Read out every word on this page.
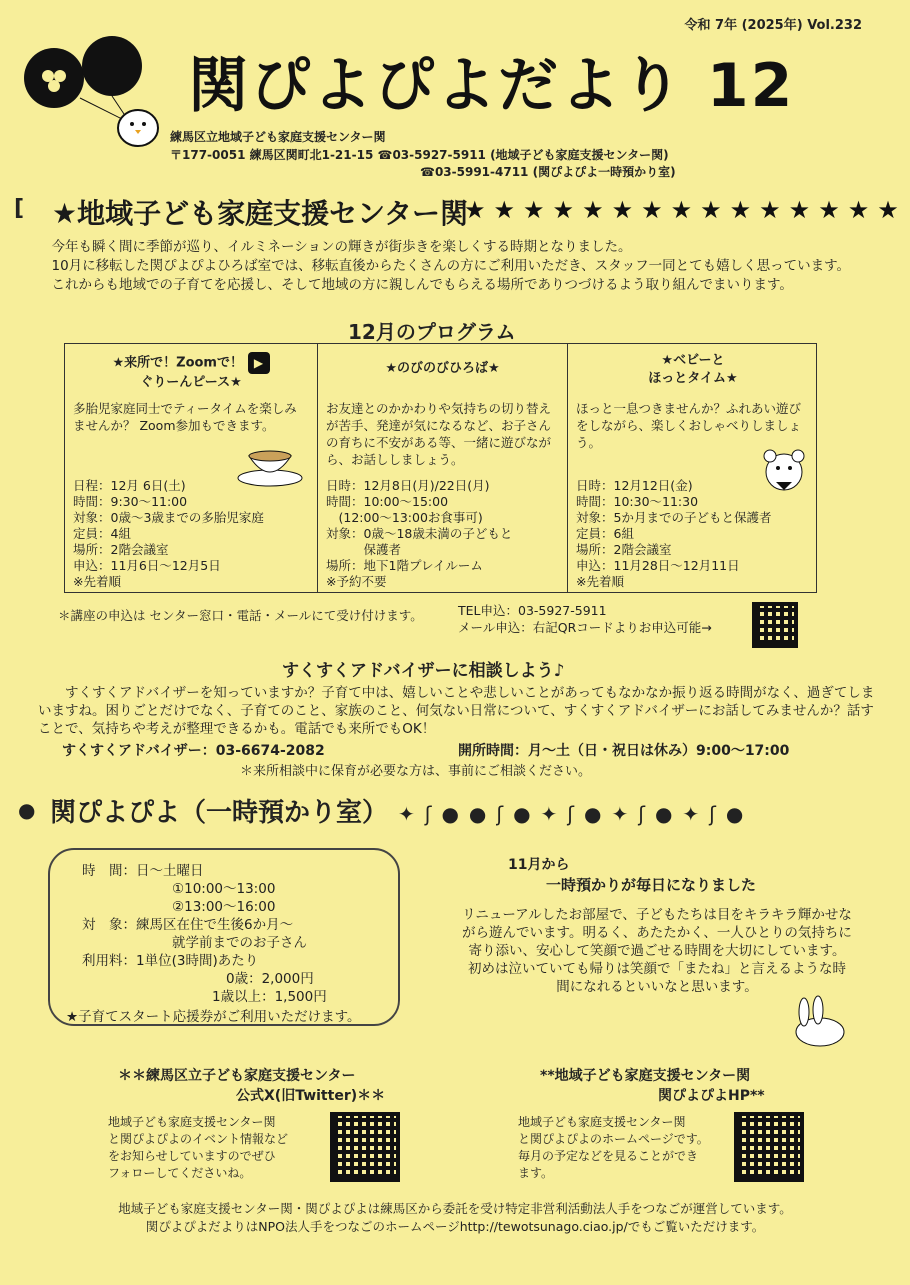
令和 7年 (2025年) Vol.232
関ぴよぴよだより 12
練馬区立地域子ども家庭支援センター関
〒177-0051 練馬区関町北1-21-15 ☎03-5927-5911 (地域子ども家庭支援センター関)
☎03-5991-4711 (関ぴよぴよ一時預かり室)
[ ★地域子ども家庭支援センター関
★★★★★★★★★★★★★★★

今年も瞬く間に季節が巡り、イルミネーションの輝きが街歩きを楽しくする時期となりました。

10月に移転した関ぴよぴよひろば室では、移転直後からたくさんの方にご利用いただき、スタッフ一同とても嬉しく思っています。

これからも地域での子育てを応援し、そして地域の方に親しんでもらえる場所でありつづけるよう取り組んでまいります。

12月のプログラム
★来所で！Zoomで！ ▶
ぐりーんピース★
多胎児家庭同士でティータイムを楽しみませんか？ Zoom参加もできます。
日程：12月 6日(土)
時間：9:30～11:00
対象：0歳～3歳までの多胎児家庭
定員：4組
場所：2階会議室
申込：11月6日～12月5日
※先着順
★のびのびひろば★
お友達とのかかわりや気持ちの切り替えが苦手、発達が気になるなど、お子さんの育ちに不安がある等、一緒に遊びながら、お話ししましょう。
日時：12月8日(月)/22日(月)
時間：10:00～15:00
　(12:00～13:00お食事可)
対象：0歳～18歳未満の子どもと
　　　保護者
場所：地下1階プレイルーム
※予約不要
★ベビーと
ほっとタイム★
ほっと一息つきませんか？ふれあい遊びをしながら、楽しくおしゃべりしましょう。
日時：12月12日(金)
時間：10:30～11:30
対象：5か月までの子どもと保護者
定員：6組
場所：2階会議室
申込：11月28日～12月11日
※先着順
＊講座の申込は センター窓口・電話・メールにて受け付けます。	TEL申込：03-5927-5911
メール申込：右記QRコードよりお申込可能→
すくすくアドバイザーに相談しよう♪
すくすくアドバイザーを知っていますか？子育て中は、嬉しいことや悲しいことがあってもなかなか振り返る時間がなく、過ぎてしまいますね。困りごとだけでなく、子育てのこと、家族のこと、何気ない日常について、すくすくアドバイザーにお話してみませんか？話すことで、気持ちや考えが整理できるかも。電話でも来所でもOK！
すくすくアドバイザー：03-6674-2082	開所時間：月～土（日・祝日は休み）9:00～17:00
＊来所相談中に保育が必要な方は、事前にご相談ください。
● 関ぴよぴよ（一時預かり室） ✦ʃ●●ʃ●✦ʃ●✦ʃ●✦ʃ●
時　間： 日～土曜日
①10:00～13:00
②13:00～16:00
対　象： 練馬区在住で生後6か月～
就学前までのお子さん
利用料： 1単位(3時間)あたり
0歳：2,000円
1歳以上：1,500円
★子育てスタート応援券がご利用いただけます。
11月から
一時預かりが毎日になりました
リニューアルしたお部屋で、子どもたちは目をキラキラ輝かせながら遊んでいます。明るく、あたたかく、一人ひとりの気持ちに寄り添い、安心して笑顔で過ごせる時間を大切にしています。初めは泣いていても帰りは笑顔で「またね」と言えるような時間になれるといいなと思います。
＊＊練馬区立子ども家庭支援センター
公式X(旧Twitter)＊＊
地域子ども家庭支援センター関
と関ぴよぴよのイベント情報など
をお知らせしていますのでぜひ
フォローしてくださいね。
**地域子ども家庭支援センター関
関ぴよぴよHP**
地域子ども家庭支援センター関
と関ぴよぴよのホームページです。
毎月の予定などを見ることができ
ます。
地域子ども家庭支援センター関・関ぴよぴよは練馬区から委託を受け特定非営利活動法人手をつなごが運営しています。
関ぴよぴよだよりはNPO法人手をつなごのホームページhttp://tewotsunago.ciao.jp/でもご覧いただけます。
